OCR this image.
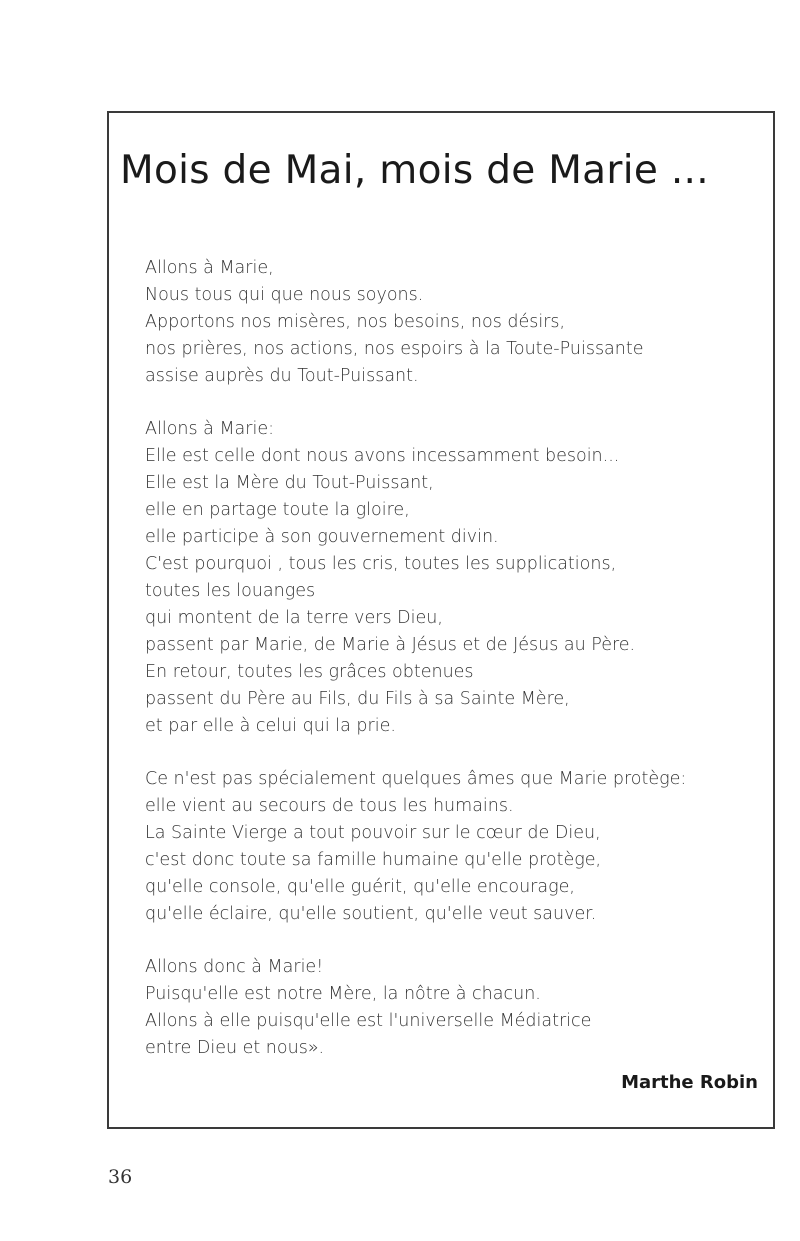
Mois de Mai, mois de Marie ...
Allons à Marie,
Nous tous qui que nous soyons.
Apportons nos misères, nos besoins, nos désirs,
nos prières, nos actions, nos espoirs à la Toute-Puissante
assise auprès du Tout-Puissant.
Allons à Marie:
Elle est celle dont nous avons incessamment besoin...
Elle est la Mère du Tout-Puissant,
elle en partage toute la gloire,
elle participe à son gouvernement divin.
C'est pourquoi , tous les cris, toutes les supplications,
toutes les louanges
qui montent de la terre vers Dieu,
passent par Marie, de Marie à Jésus et de Jésus au Père.
En retour, toutes les grâces obtenues
passent du Père au Fils, du Fils à sa Sainte Mère,
et par elle à celui qui la prie.
Ce n'est pas spécialement quelques âmes que Marie protège:
elle vient au secours de tous les humains.
La Sainte Vierge a tout pouvoir sur le cœur de Dieu,
c'est donc toute sa famille humaine qu'elle protège,
qu'elle console, qu'elle guérit, qu'elle encourage,
qu'elle éclaire, qu'elle soutient, qu'elle veut sauver.
Allons donc à Marie!
Puisqu'elle est notre Mère, la nôtre à chacun.
Allons à elle puisqu'elle est l'universelle Médiatrice
entre Dieu et nous».
Marthe Robin
36
